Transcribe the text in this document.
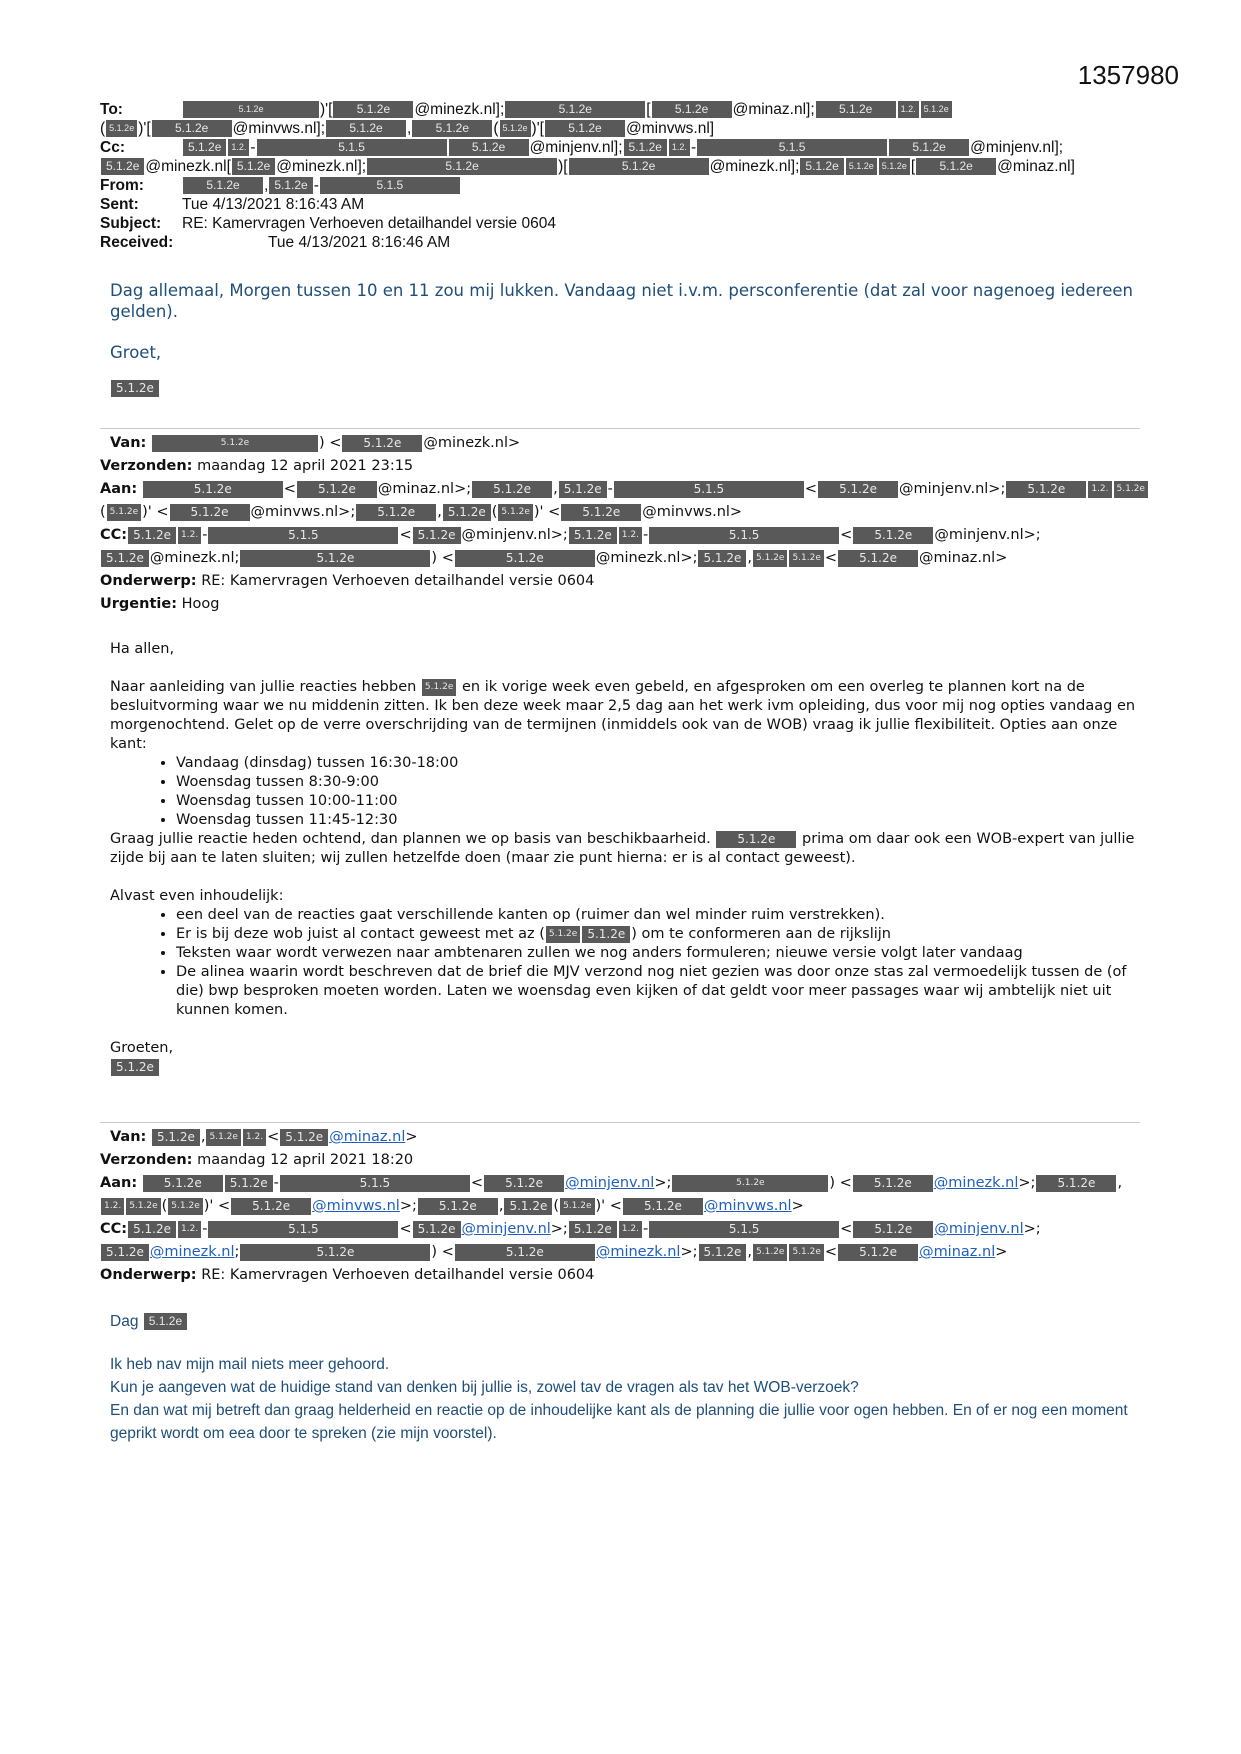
1357980
To:	5.1.2e	)'[	5.1.2e	@minezk.nl];	5.1.2e	[	5.1.2e	@minaz.nl];	5.1.2e	1.2. 5.1.2e
( 5.1.2e )'[	5.1.2e	@minvws.nl];	5.1.2e	,	5.1.2e	( 5.1.2e )'[	5.1.2e	@minvws.nl]
Cc:	5.1.2e	1.2. -	5.1.5	5.1.2e	@minjenv.nl]; 5.1.2e	1.2. -	5.1.5	5.1.2e	@minjenv.nl];
5.1.2e @minezk.nl[ 5.1.2e @minezk.nl];	5.1.2e	)[	5.1.2e	@minezk.nl]; 5.1.2e	5.1.2e 5.1.2e [	5.1.2e	@minaz.nl]
From:	5.1.2e	, 5.1.2e -	5.1.5
Sent:	Tue 4/13/2021 8:16:43 AM
Subject:	RE: Kamervragen Verhoeven detailhandel versie 0604
Received:	Tue 4/13/2021 8:16:46 AM
Dag allemaal, Morgen tussen 10 en 11 zou mij lukken. Vandaag niet i.v.m. persconferentie (dat zal voor nagenoeg iedereen gelden).
Groet,
5.1.2e
Van:
	5.1.2e	) <	5.1.2e	@minezk.nl>
Verzonden:
maandag 12 april 2021 23:15
Aan:
	5.1.2e	<	5.1.2e	@minaz.nl>;	5.1.2e	, 5.1.2e -	5.1.5	<	5.1.2e	@minjenv.nl>;	5.1.2e	1.2. 5.1.2e
( 5.1.2e )' <	5.1.2e	@minvws.nl>;	5.1.2e	, 5.1.2e ( 5.1.2e )' <	5.1.2e	@minvws.nl>
CC: 5.1.2e	1.2. -	5.1.5	< 5.1.2e @minjenv.nl>; 5.1.2e	1.2. -	5.1.5	<	5.1.2e	@minjenv.nl>;
5.1.2e @minezk.nl;	5.1.2e	) <	5.1.2e	@minezk.nl>; 5.1.2e , 5.1.2e 5.1.2e <	5.1.2e	@minaz.nl>
Onderwerp:
RE: Kamervragen Verhoeven detailhandel versie 0604
Urgentie:
Hoog
Ha allen,
Naar aanleiding van jullie reacties hebben 5.1.2e en ik vorige week even gebeld, en afgesproken om een overleg te plannen kort na de besluitvorming waar we nu middenin zitten. Ik ben deze week maar 2,5 dag aan het werk ivm opleiding, dus voor mij nog opties vandaag en morgenochtend. Gelet op de verre overschrijding van de termijnen (inmiddels ook van de WOB) vraag ik jullie flexibiliteit. Opties aan onze kant:
• Vandaag (dinsdag) tussen 16:30-18:00
• Woensdag tussen 8:30-9:00
• Woensdag tussen 10:00-11:00
• Woensdag tussen 11:45-12:30
Graag jullie reactie heden ochtend, dan plannen we op basis van beschikbaarheid. 5.1.2e prima om daar ook een WOB-expert van jullie zijde bij aan te laten sluiten; wij zullen hetzelfde doen (maar zie punt hierna: er is al contact geweest).
Alvast even inhoudelijk:
• een deel van de reacties gaat verschillende kanten op (ruimer dan wel minder ruim verstrekken).
• Er is bij deze wob juist al contact geweest met az ( 5.1.2e 5.1.2e ) om te conformeren aan de rijkslijn
• Teksten waar wordt verwezen naar ambtenaren zullen we nog anders formuleren; nieuwe versie volgt later vandaag
• De alinea waarin wordt beschreven dat de brief die MJV verzond nog niet gezien was door onze stas zal vermoedelijk tussen de (of die) bwp besproken moeten worden. Laten we woensdag even kijken of dat geldt voor meer passages waar wij ambtelijk niet uit kunnen komen.
Groeten,
5.1.2e
Van:
5.1.2e , 5.1.2e 1.2. < 5.1.2e @minaz.nl >
Verzonden:
maandag 12 april 2021 18:20
Aan:
	5.1.2e	5.1.2e -	5.1.5	<	5.1.2e	@minjenv.nl >;	5.1.2e	) <	5.1.2e	@minezk.nl >;	5.1.2e	,
1.2. 5.1.2e ( 5.1.2e )' <	5.1.2e	@minvws.nl >;	5.1.2e	, 5.1.2e ( 5.1.2e )' <	5.1.2e	@minvws.nl >
CC: 5.1.2e	1.2. -	5.1.5	< 5.1.2e @minjenv.nl >; 5.1.2e	1.2. -	5.1.5	<	5.1.2e	@minjenv.nl >;
5.1.2e @minezk.nl ;	5.1.2e	) <	5.1.2e	@minezk.nl >; 5.1.2e , 5.1.2e 5.1.2e <	5.1.2e	@minaz.nl >
Onderwerp:
RE: Kamervragen Verhoeven detailhandel versie 0604
Dag 5.1.2e
Ik heb nav mijn mail niets meer gehoord.
Kun je aangeven wat de huidige stand van denken bij jullie is, zowel tav de vragen als tav het WOB-verzoek?
En dan wat mij betreft dan graag helderheid en reactie op de inhoudelijke kant als de planning die jullie voor ogen hebben. En of er nog een moment geprikt wordt om eea door te spreken (zie mijn voorstel).
